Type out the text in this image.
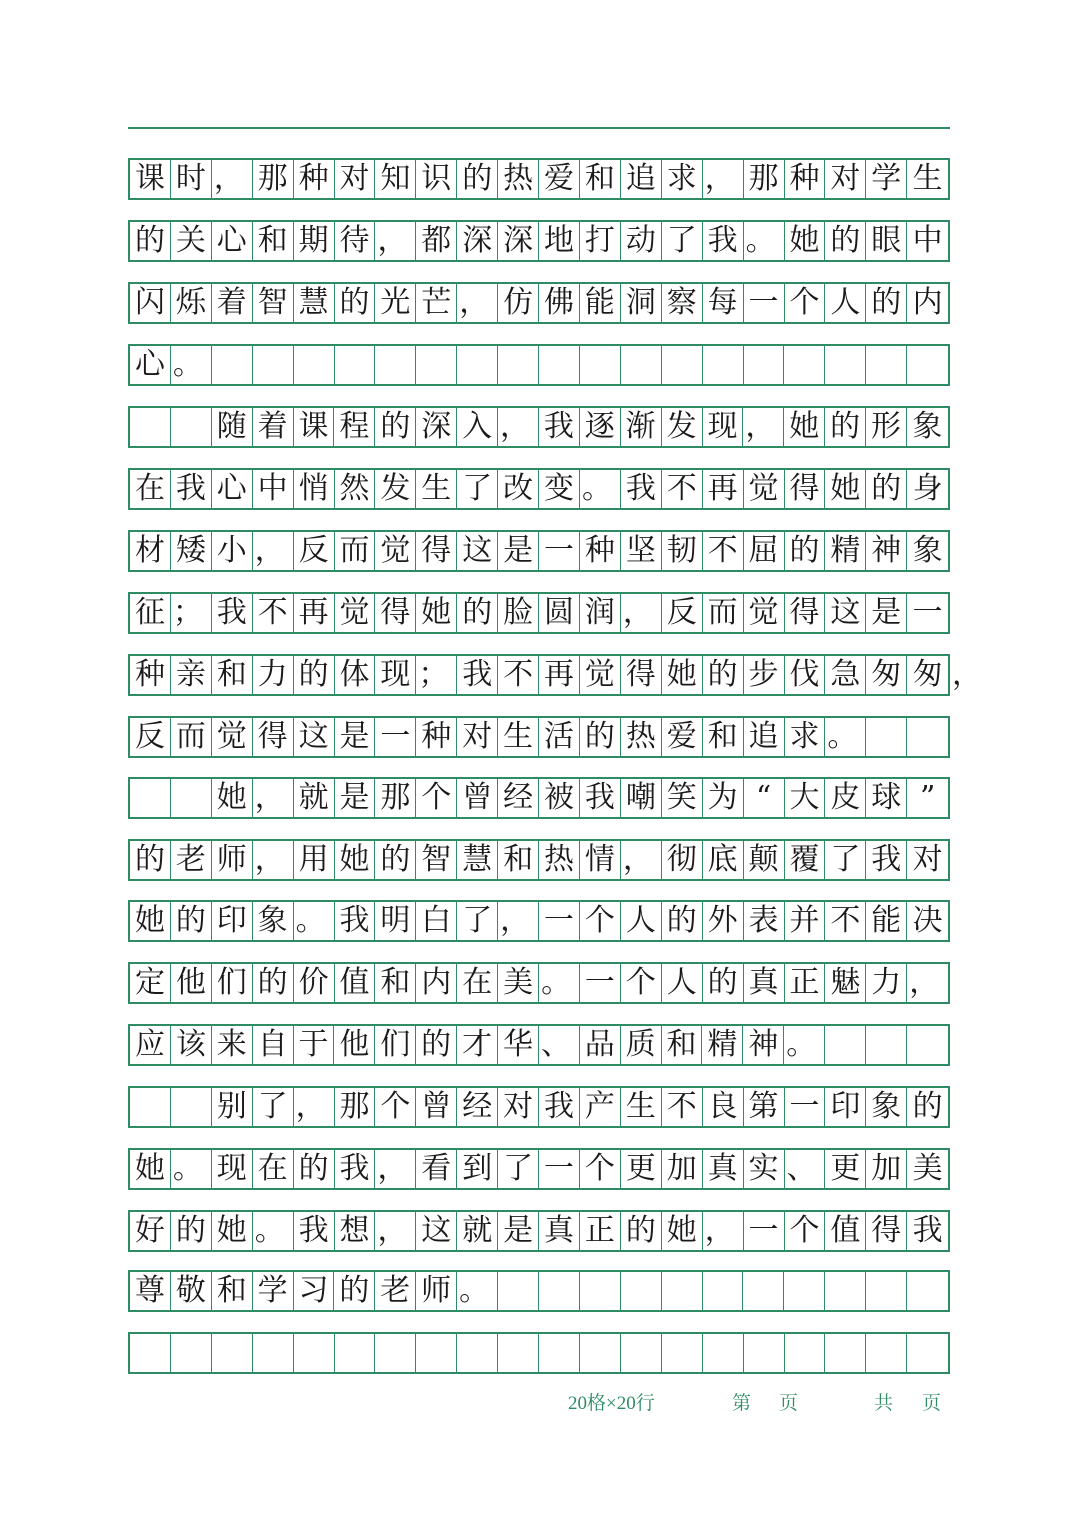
课 时 ， 那 种 对 知 识 的 热 爱 和 追 求 ， 那 种 对 学 生
的 关 心 和 期 待 ， 都 深 深 地 打 动 了 我 。 她 的 眼 中
闪 烁 着 智 慧 的 光 芒 ， 仿 佛 能 洞 察 每 一 个 人 的 内
心 。
随 着 课 程 的 深 入 ， 我 逐 渐 发 现 ， 她 的 形 象
在 我 心 中 悄 然 发 生 了 改 变 。 我 不 再 觉 得 她 的 身
材 矮 小 ， 反 而 觉 得 这 是 一 种 坚 韧 不 屈 的 精 神 象
征 ； 我 不 再 觉 得 她 的 脸 圆 润 ， 反 而 觉 得 这 是 一
种 亲 和 力 的 体 现 ； 我 不 再 觉 得 她 的 步 伐 急 匆 匆 ，
反 而 觉 得 这 是 一 种 对 生 活 的 热 爱 和 追 求 。
她 ， 就 是 那 个 曾 经 被 我 嘲 笑 为 “ 大 皮 球 ”
的 老 师 ， 用 她 的 智 慧 和 热 情 ， 彻 底 颠 覆 了 我 对
她 的 印 象 。 我 明 白 了 ， 一 个 人 的 外 表 并 不 能 决
定 他 们 的 价 值 和 内 在 美 。 一 个 人 的 真 正 魅 力 ，
应 该 来 自 于 他 们 的 才 华 、 品 质 和 精 神 。
别 了 ， 那 个 曾 经 对 我 产 生 不 良 第 一 印 象 的
她 。 现 在 的 我 ， 看 到 了 一 个 更 加 真 实 、 更 加 美
好 的 她 。 我 想 ， 这 就 是 真 正 的 她 ， 一 个 值 得 我
尊 敬 和 学 习 的 老 师 。
20格×20行	第 页	共 页
